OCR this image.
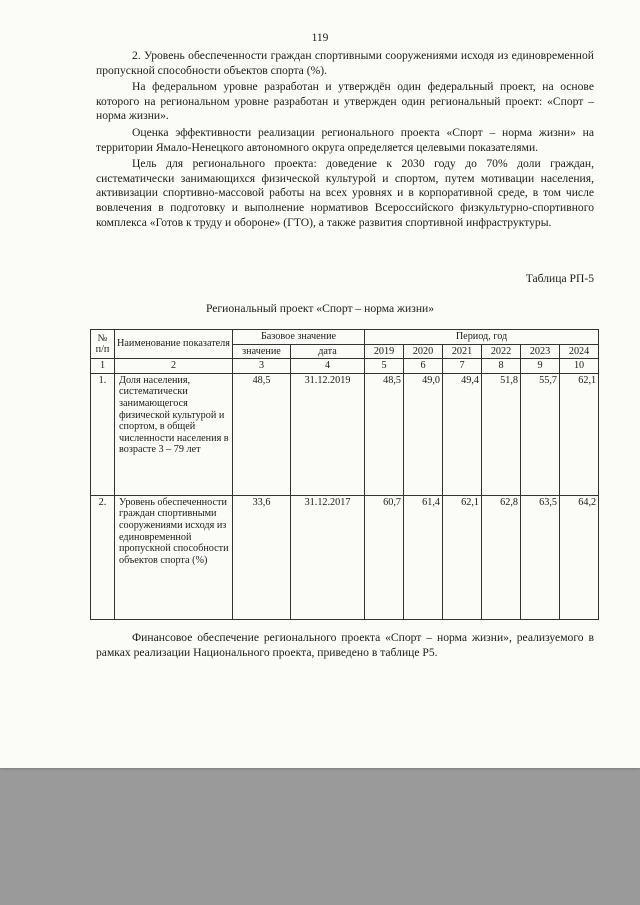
119

2. Уровень обеспеченности граждан спортивными сооружениями исходя из единовременной пропускной способности объектов спорта (%).

На федеральном уровне разработан и утверждён один федеральный проект, на основе которого на региональном уровне разработан и утвержден один региональный проект: «Спорт – норма жизни».

Оценка эффективности реализации регионального проекта «Спорт – норма жизни» на территории Ямало-Ненецкого автономного округа определяется целевыми показателями.

Цель для регионального проекта: доведение к 2030 году до 70% доли граждан, систематически занимающихся физической культурой и спортом, путем мотивации населения, активизации спортивно-массовой работы на всех уровнях и в корпоративной среде, в том числе вовлечения в подготовку и выполнение нормативов Всероссийского физкультурно-спортивного комплекса «Готов к труду и обороне» (ГТО), а также развития спортивной инфраструктуры.

Таблица РП-5
Региональный проект «Спорт – норма жизни»
№ п/п	Наименование показателя	Базовое значение		Период, год					
				2019	2020	2021	2022	2023	2024
		значение	дата						
1	2	3	4	5	6	7	8	9	10
1.	Доля населения, систематически занимающегося физической культурой и спортом, в общей численности населения в возрасте 3 – 79 лет	48,5	31.12.2019	48,5	49,0	49,4	51,8	55,7	62,1
2.	Уровень обеспеченности граждан спортивными сооружениями исходя из единовременной пропускной способности объектов спорта (%)	33,6	31.12.2017	60,7	61,4	62,1	62,8	63,5	64,2

Финансовое обеспечение регионального проекта «Спорт – норма жизни», реализуемого в рамках реализации Национального проекта, приведено в таблице Р5.
